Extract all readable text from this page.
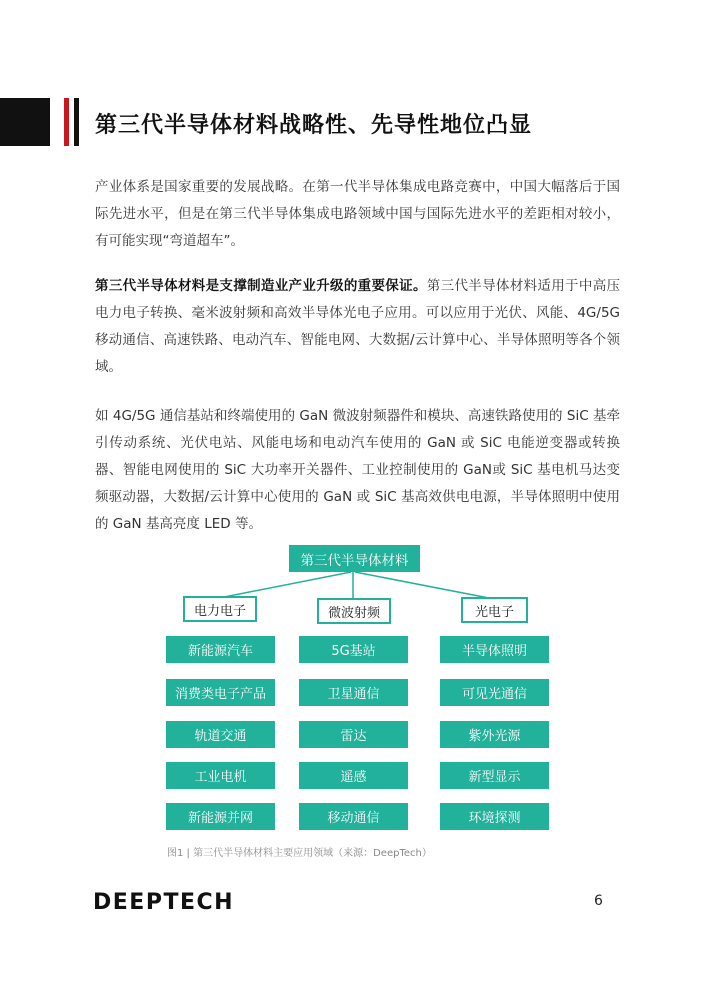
第三代半导体材料战略性、先导性地位凸显

产业体系是国家重要的发展战略。在第一代半导体集成电路竞赛中，中国大幅落后于国际先进水平，但是在第三代半导体集成电路领域中国与国际先进水平的差距相对较小，有可能实现“弯道超车”。

第三代半导体材料是支撑制造业产业升级的重要保证。第三代半导体材料适用于中高压电力电子转换、毫米波射频和高效半导体光电子应用。可以应用于光伏、风能、4G/5G 移动通信、高速铁路、电动汽车、智能电网、大数据/云计算中心、半导体照明等各个领域。

如 4G/5G 通信基站和终端使用的 GaN 微波射频器件和模块、高速铁路使用的 SiC 基牵引传动系统、光伏电站、风能电场和电动汽车使用的 GaN 或 SiC 电能逆变器或转换器、智能电网使用的 SiC 大功率开关器件、工业控制使用的 GaN或 SiC 基电机马达变频驱动器，大数据/云计算中心使用的 GaN 或 SiC 基高效供电电源，半导体照明中使用的 GaN 基高亮度 LED 等。

第三代半导体材料
电力电子	微波射频	光电子
新能源汽车
消费类电子产品
轨道交通
工业电机
新能源并网
5G基站
卫星通信
雷达
遥感
移动通信
半导体照明
可见光通信
紫外光源
新型显示
环境探测

图1 | 第三代半导体材料主要应用领域（来源：DeepTech）

DEEPTECH	6
